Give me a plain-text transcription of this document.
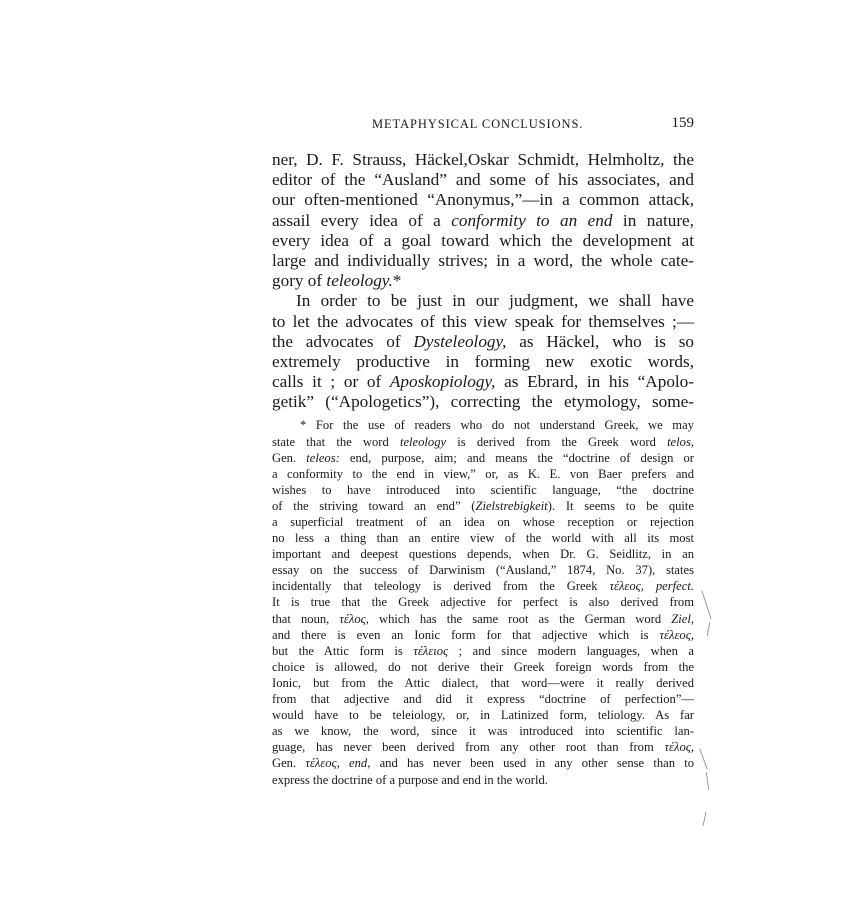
METAPHYSICAL CONCLUSIONS.	159
ner, D. F. Strauss, Häckel,Oskar Schmidt, Helmholtz, the
editor of the “Ausland” and some of his associates, and
our often-mentioned “Anonymus,”—in a common attack,
assail every idea of a conformity to an end in nature,
every idea of a goal toward which the development at
large and individually strives; in a word, the whole cate-
gory of teleology.*
In order to be just in our judgment, we shall have
to let the advocates of this view speak for themselves ;—
the advocates of Dysteleology, as Häckel, who is so
extremely productive in forming new exotic words,
calls it ; or of Aposkopiology, as Ebrard, in his “Apolo-
getik” (“Apologetics”), correcting the etymology, some-
* For the use of readers who do not understand Greek, we may
state that the word teleology is derived from the Greek word telos,
Gen. teleos: end, purpose, aim; and means the “doctrine of design or
a conformity to the end in view,” or, as K. E. von Baer prefers and
wishes to have introduced into scientific language, “the doctrine
of the striving toward an end” (Zielstrebigkeit). It seems to be quite
a superficial treatment of an idea on whose reception or rejection
no less a thing than an entire view of the world with all its most
important and deepest questions depends, when Dr. G. Seidlitz, in an
essay on the success of Darwinism (“Ausland,” 1874, No. 37), states
incidentally that teleology is derived from the Greek τέλεος, perfect.
It is true that the Greek adjective for perfect is also derived from
that noun, τέλος, which has the same root as the German word Ziel,
and there is even an Ionic form for that adjective which is τέλεος,
but the Attic form is τέλειος ; and since modern languages, when a
choice is allowed, do not derive their Greek foreign words from the
Ionic, but from the Attic dialect, that word—were it really derived
from that adjective and did it express “doctrine of perfection”—
would have to be teleiology, or, in Latinized form, teliology. As far
as we know, the word, since it was introduced into scientific lan-
guage, has never been derived from any other root than from τέλος,
Gen. τέλεος, end, and has never been used in any other sense than to
express the doctrine of a purpose and end in the world.
